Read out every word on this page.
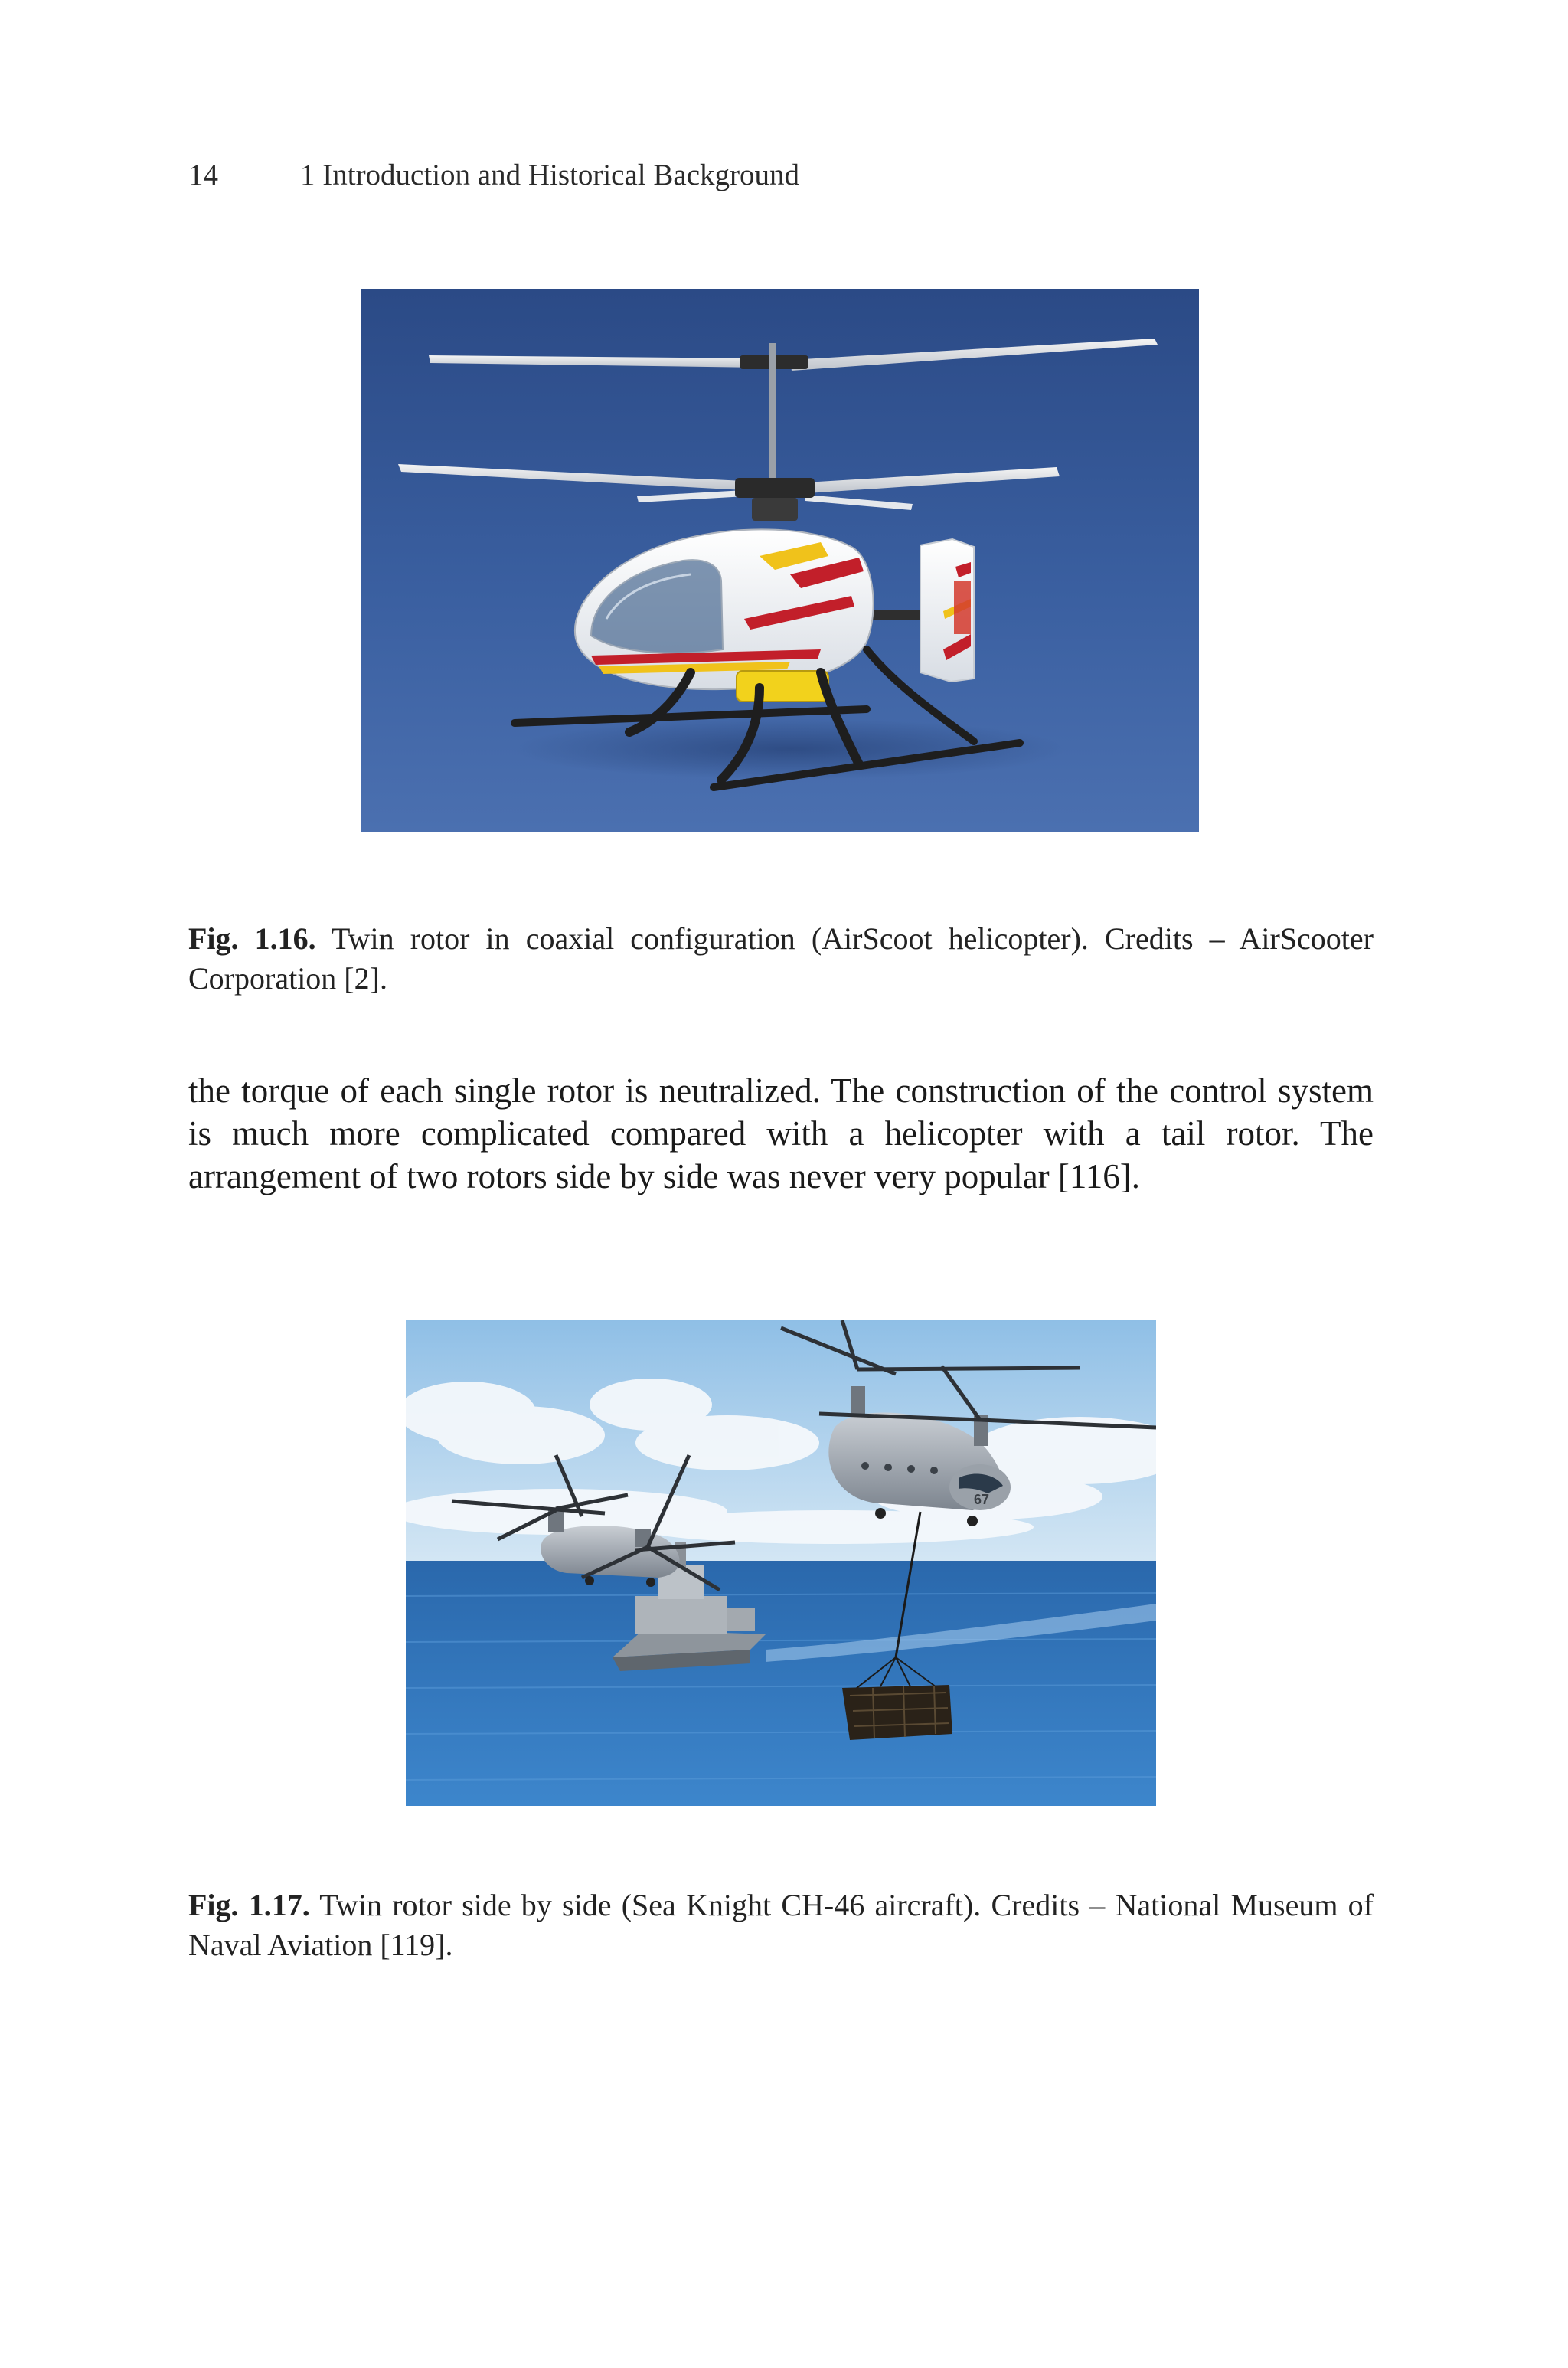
14	1 Introduction and Historical Background
Fig. 1.16. Twin rotor in coaxial configuration (AirScoot helicopter). Credits – AirScooter Corporation [2].

the torque of each single rotor is neutralized. The construction of the control system is much more complicated compared with a helicopter with a tail rotor. The arrangement of two rotors side by side was never very popular [116].

67
Fig. 1.17. Twin rotor side by side (Sea Knight CH-46 aircraft). Credits – National Museum of Naval Aviation [119].
